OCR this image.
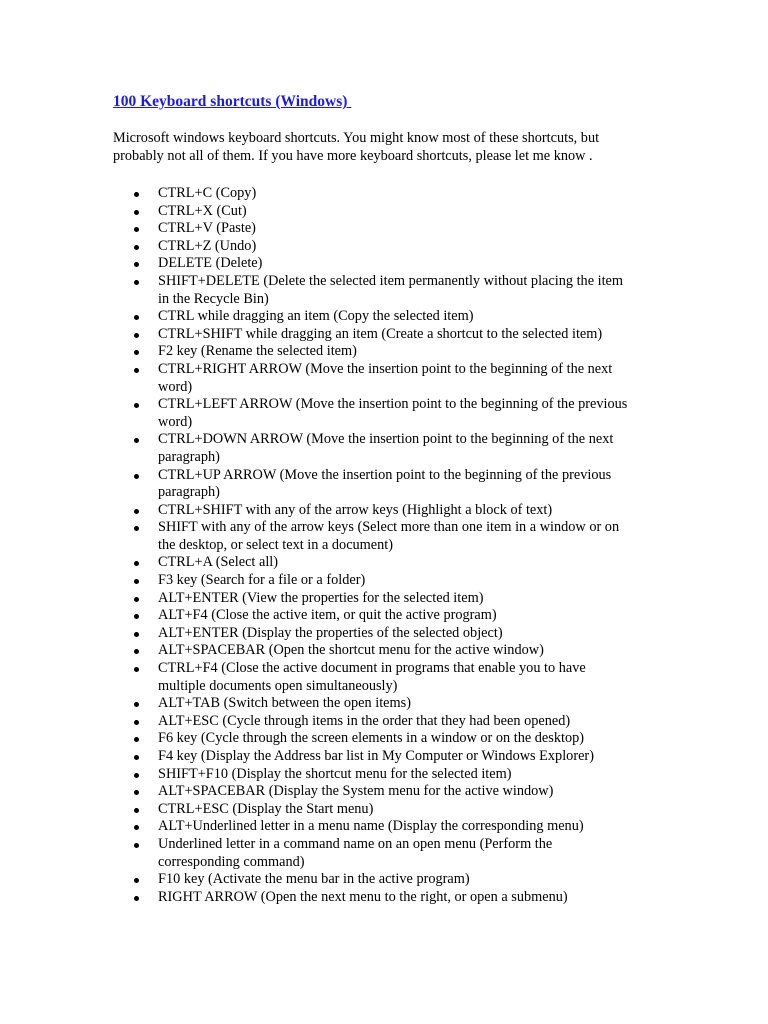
100 Keyboard shortcuts (Windows)

Microsoft windows keyboard shortcuts. You might know most of these shortcuts, but
probably not all of them. If you have more keyboard shortcuts, please let me know .

CTRL+C (Copy)
CTRL+X (Cut)
CTRL+V (Paste)
CTRL+Z (Undo)
DELETE (Delete)
SHIFT+DELETE (Delete the selected item permanently without placing the item
in the Recycle Bin)
CTRL while dragging an item (Copy the selected item)
CTRL+SHIFT while dragging an item (Create a shortcut to the selected item)
F2 key (Rename the selected item)
CTRL+RIGHT ARROW (Move the insertion point to the beginning of the next
word)
CTRL+LEFT ARROW (Move the insertion point to the beginning of the previous
word)
CTRL+DOWN ARROW (Move the insertion point to the beginning of the next
paragraph)
CTRL+UP ARROW (Move the insertion point to the beginning of the previous
paragraph)
CTRL+SHIFT with any of the arrow keys (Highlight a block of text)
SHIFT with any of the arrow keys (Select more than one item in a window or on
the desktop, or select text in a document)
CTRL+A (Select all)
F3 key (Search for a file or a folder)
ALT+ENTER (View the properties for the selected item)
ALT+F4 (Close the active item, or quit the active program)
ALT+ENTER (Display the properties of the selected object)
ALT+SPACEBAR (Open the shortcut menu for the active window)
CTRL+F4 (Close the active document in programs that enable you to have
multiple documents open simultaneously)
ALT+TAB (Switch between the open items)
ALT+ESC (Cycle through items in the order that they had been opened)
F6 key (Cycle through the screen elements in a window or on the desktop)
F4 key (Display the Address bar list in My Computer or Windows Explorer)
SHIFT+F10 (Display the shortcut menu for the selected item)
ALT+SPACEBAR (Display the System menu for the active window)
CTRL+ESC (Display the Start menu)
ALT+Underlined letter in a menu name (Display the corresponding menu)
Underlined letter in a command name on an open menu (Perform the
corresponding command)
F10 key (Activate the menu bar in the active program)
RIGHT ARROW (Open the next menu to the right, or open a submenu)
